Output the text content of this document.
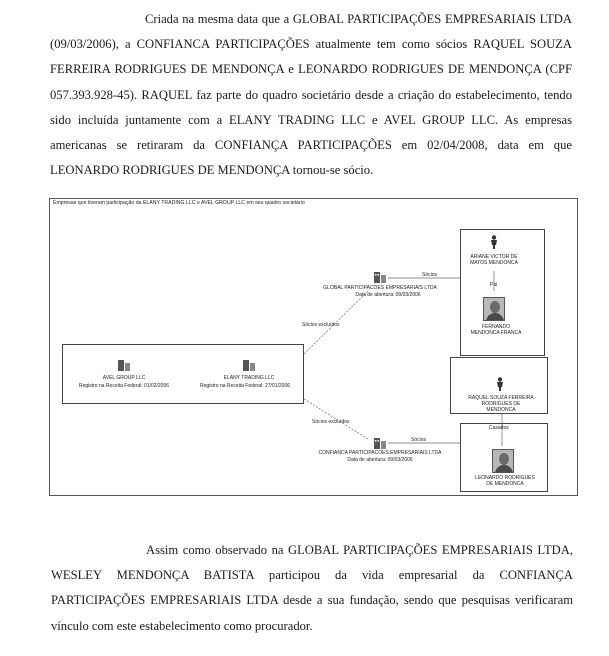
Criada na mesma data que a GLOBAL PARTICIPAÇÕES EMPRESARIAIS LTDA (09/03/2006), a CONFIANCA PARTICIPAÇÕES atualmente tem como sócios RAQUEL SOUZA FERREIRA RODRIGUES DE MENDONÇA e LEONARDO RODRIGUES DE MENDONÇA (CPF 057.393.928-45). RAQUEL faz parte do quadro societário desde a criação do estabelecimento, tendo sido incluída juntamente com a ELANY TRADING LLC e AVEL GROUP LLC. As empresas americanas se retiraram da CONFIANÇA PARTICIPAÇÕES em 02/04/2008, data em que LEONARDO RODRIGUES DE MENDONÇA tornou-se sócio.

Empresas que tiveram participação da ELANY TRADING LLC e AVEL GROUP LLC em seu quadro societário
GLOBAL PARTICIPACOES EMPRESARIAIS LTDA
Data de abertura: 09/03/2006
CONFIANCA PARTICIPACOES EMPRESARIAIS LTDA
Data de abertura: 09/03/2006
AVEL GROUP LLC
Registro na Receita Federal: 01/02/2006
ELANY TRADING LLC
Registro na Receita Federal: 27/01/2006
ARIANE VICTOR DE MATOS MENDONCA
FERNANDO MENDONCA FRANCA
RAQUEL SOUZA FERREIRA RODRIGUES DE MENDONCA
LEONARDO RODRIGUES DE MENDONCA
Sócios
Pai
Sócios excluídos
Sócios excluídos
Sócios
Casados

Assim como observado na GLOBAL PARTICIPAÇÕES EMPRESARIAIS LTDA, WESLEY MENDONÇA BATISTA participou da vida empresarial da CONFIANÇA PARTICIPAÇÕES EMPRESARIAIS LTDA desde a sua fundação, sendo que pesquisas verificaram vínculo com este estabelecimento como procurador.
